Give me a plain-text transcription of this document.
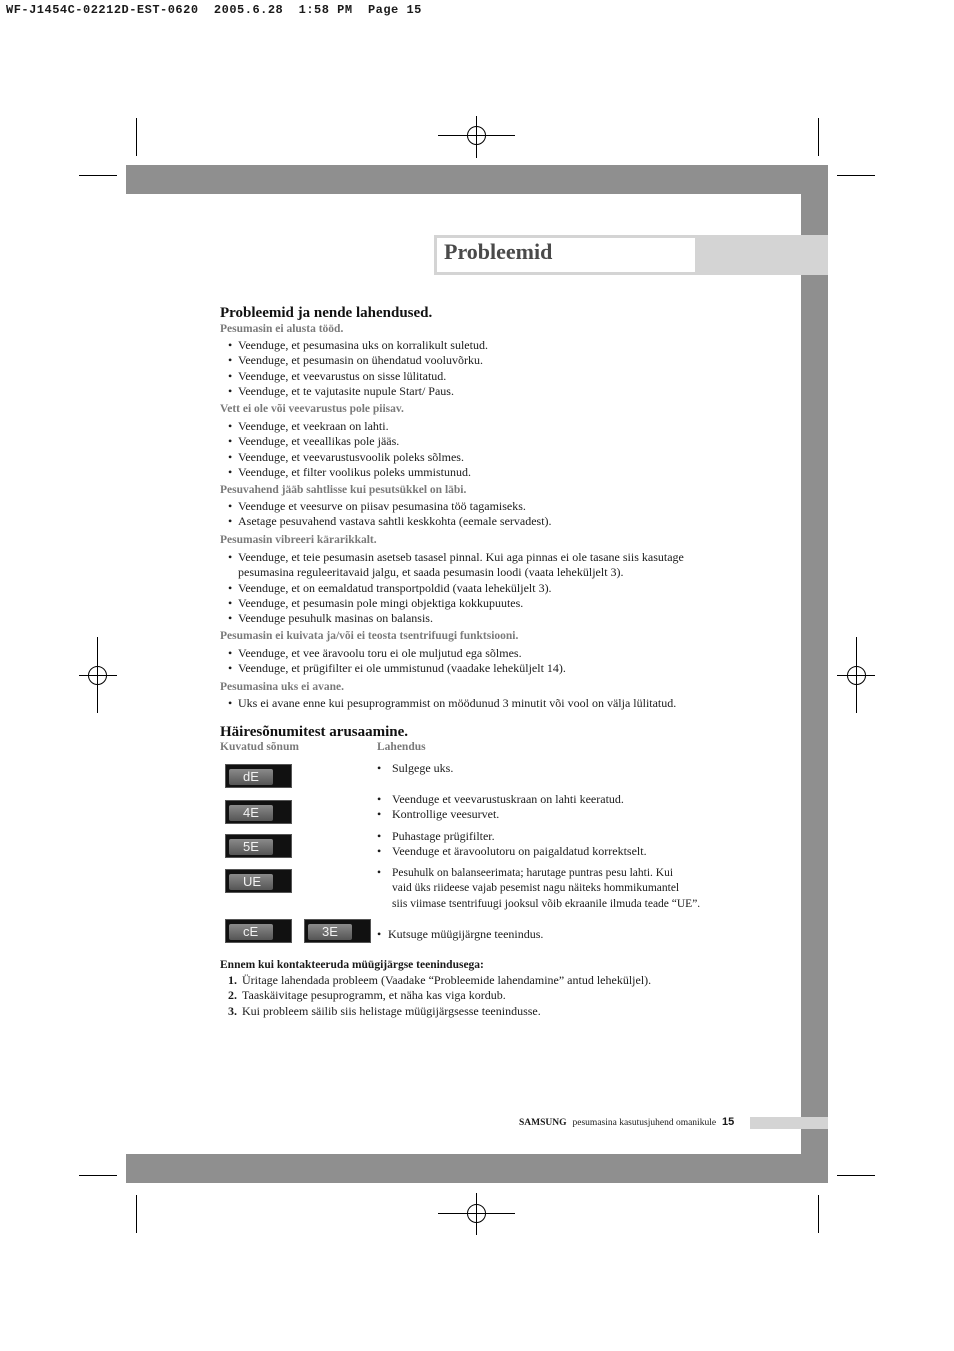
WF-J1454C-02212D-EST-0620  2005.6.28  1:58 PM  Page 15
Probleemid
Probleemid ja nende lahendused.
Pesumasin ei alusta tööd.
• Veenduge, et pesumasina uks on korralikult suletud.
• Veenduge, et pesumasin on ühendatud vooluvõrku.
• Veenduge, et veevarustus on sisse lülitatud.
• Veenduge, et te vajutasite nupule Start/ Paus.
Vett ei ole või veevarustus pole piisav.
• Veenduge, et veekraan on lahti.
• Veenduge, et veeallikas pole jääs.
• Veenduge, et veevarustusvoolik poleks sõlmes.
• Veenduge, et filter voolikus poleks ummistunud.
Pesuvahend jääb sahtlisse kui pesutsükkel on läbi.
• Veenduge et veesurve on piisav pesumasina töö tagamiseks.
• Asetage pesuvahend vastava sahtli keskkohta (eemale servadest).
Pesumasin vibreeri kärarikkalt.
• Veenduge, et teie pesumasin asetseb tasasel pinnal. Kui aga pinnas ei ole tasane siis kasutage pesumasina reguleeritavaid jalgu, et saada pesumasin loodi (vaata leheküljelt 3).
• Veenduge, et on eemaldatud transportpoldid (vaata leheküljelt 3).
• Veenduge, et pesumasin pole mingi objektiga kokkupuutes.
• Veenduge pesuhulk masinas on balansis.
Pesumasin ei kuivata ja/või ei teosta tsentrifuugi funktsiooni.
• Veenduge, et vee äravoolu toru ei ole muljutud ega sõlmes.
• Veenduge, et prügifilter ei ole ummistunud (vaadake leheküljelt 14).
Pesumasina uks ei avane.
• Uks ei avane enne kui pesuprogrammist on möödunud 3 minutit või vool on välja lülitatud.
Häiresõnumitest arusaamine.
Kuvatud sõnum	Lahendus
dE
• Sulgege uks.
4E
• Veenduge et veevarustuskraan on lahti keeratud.
• Kontrollige veesurvet.
5E
• Puhastage prügifilter.
• Veenduge et äravoolutoru on paigaldatud korrektselt.
UE
• Pesuhulk on balanseerimata; harutage puntras pesu lahti. Kui
vaid üks riideese vajab pesemist nagu näiteks hommikumantel
siis viimase tsentrifuugi jooksul võib ekraanile ilmuda teade “UE”.
cE	3E
•	Kutsuge müügijärgne teenindus.
Ennem kui kontakteeruda müügijärgse teenindusega:
1. Üritage lahendada probleem (Vaadake “Probleemide lahendamine” antud leheküljel).
2. Taaskäivitage pesuprogramm, et näha kas viga kordub.
3. Kui probleem säilib siis helistage müügijärgsesse teenindusse.
SAMSUNG pesumasina kasutusjuhend omanikule 15
